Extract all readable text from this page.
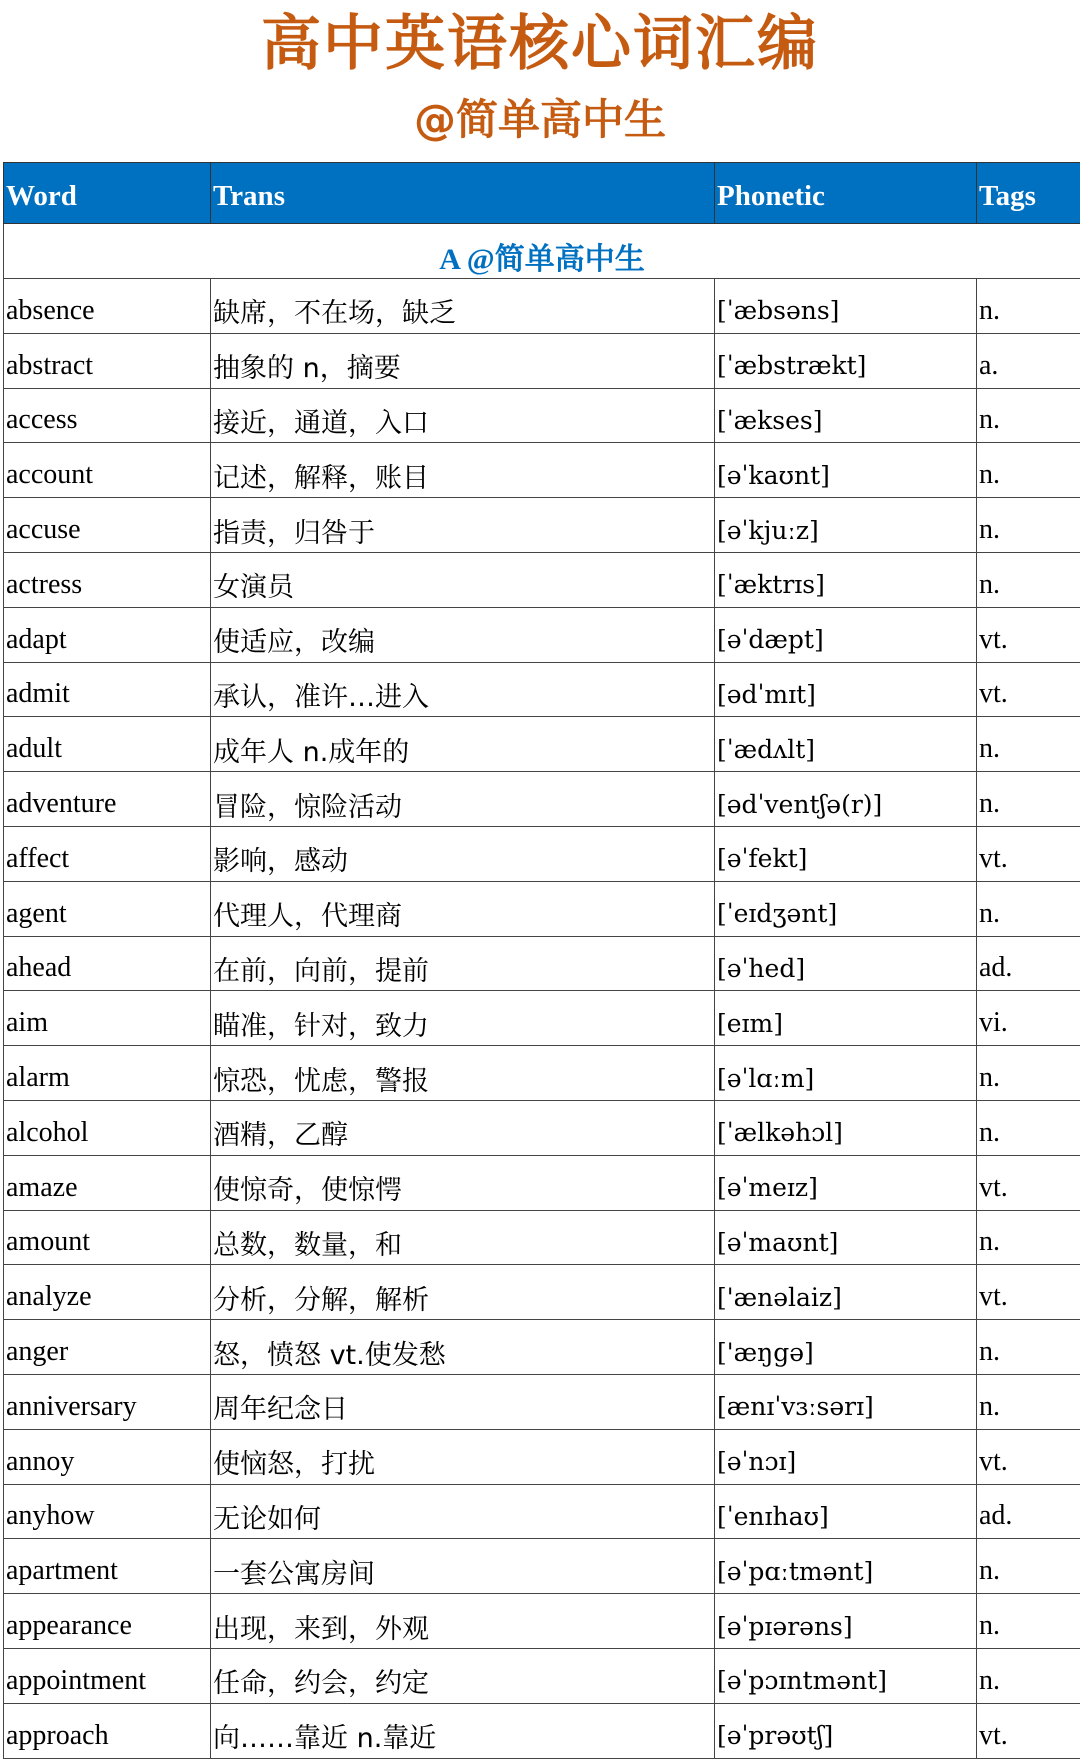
高中英语核心词汇编
@简单高中生
Word	Trans	Phonetic	Tags
A @简单高中生			
absence	缺席，不在场，缺乏	[ˈæbsəns]	n.
abstract	抽象的 n，摘要	[ˈæbstrækt]	a.
access	接近，通道，入口	[ˈækses]	n.
account	记述，解释，账目	[əˈkaʊnt]	n.
accuse	指责，归咎于	[əˈkjuːz]	n.
actress	女演员	[ˈæktrɪs]	n.
adapt	使适应，改编	[əˈdæpt]	vt.
admit	承认，准许…进入	[ədˈmɪt]	vt.
adult	成年人 n.成年的	[ˈædʌlt]	n.
adventure	冒险，惊险活动	[ədˈventʃə(r)]	n.
affect	影响，感动	[əˈfekt]	vt.
agent	代理人，代理商	[ˈeɪdʒənt]	n.
ahead	在前，向前，提前	[əˈhed]	ad.
aim	瞄准，针对，致力	[eɪm]	vi.
alarm	惊恐，忧虑，警报	[əˈlɑːm]	n.
alcohol	酒精，乙醇	[ˈælkəhɔl]	n.
amaze	使惊奇，使惊愕	[əˈmeɪz]	vt.
amount	总数，数量，和	[əˈmaʊnt]	n.
analyze	分析，分解，解析	['ænəlaiz]	vt.
anger	怒，愤怒 vt.使发愁	['æŋgə]	n.
anniversary	周年纪念日	[ænɪˈvɜːsərɪ]	n.
annoy	使恼怒，打扰	[əˈnɔɪ]	vt.
anyhow	无论如何	[ˈenɪhaʊ]	ad.
apartment	一套公寓房间	[əˈpɑːtmənt]	n.
appearance	出现，来到，外观	[əˈpɪərəns]	n.
appointment	任命，约会，约定	[əˈpɔɪntmənt]	n.
approach	向……靠近 n.靠近	[əˈprəʊtʃ]	vt.
